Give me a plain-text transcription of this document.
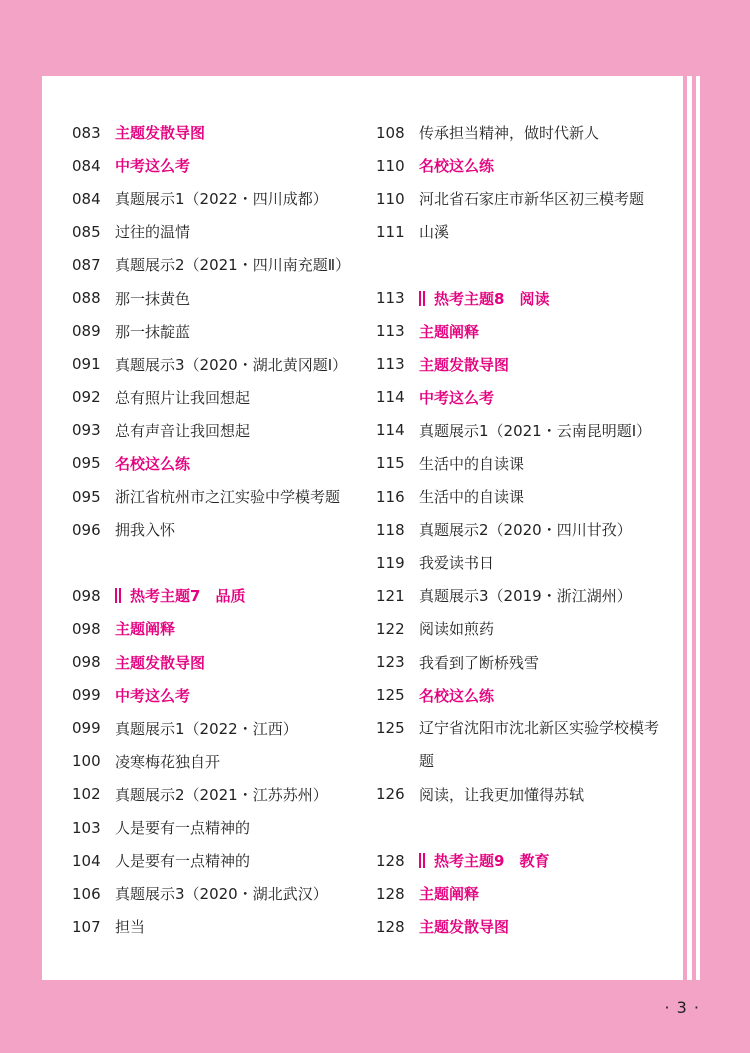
083 主题发散导图
084 中考这么考
084 真题展示1（2022・四川成都）
085 过往的温情
087 真题展示2（2021・四川南充题Ⅱ）
088 那一抹黄色
089 那一抹靛蓝
091 真题展示3（2020・湖北黄冈题Ⅰ）
092 总有照片让我回想起
093 总有声音让我回想起
095 名校这么练
095 浙江省杭州市之江实验中学模考题
096 拥我入怀
098	热考主题7　品质
098 主题阐释
098 主题发散导图
099 中考这么考
099 真题展示1（2022・江西）
100 凌寒梅花独自开
102 真题展示2（2021・江苏苏州）
103 人是要有一点精神的
104 人是要有一点精神的
106 真题展示3（2020・湖北武汉）
107 担当
108 传承担当精神，做时代新人
110 名校这么练
110 河北省石家庄市新华区初三模考题
111 山溪
113	热考主题8　阅读
113 主题阐释
113 主题发散导图
114 中考这么考
114 真题展示1（2021・云南昆明题Ⅰ）
115 生活中的自读课
116 生活中的自读课
118 真题展示2（2020・四川甘孜）
119 我爱读书日
121 真题展示3（2019・浙江湖州）
122 阅读如煎药
123 我看到了断桥残雪
125 名校这么练
125 辽宁省沈阳市沈北新区实验学校模考题
126 阅读，让我更加懂得苏轼
128	热考主题9　教育
128 主题阐释
128 主题发散导图
· 3 ·
